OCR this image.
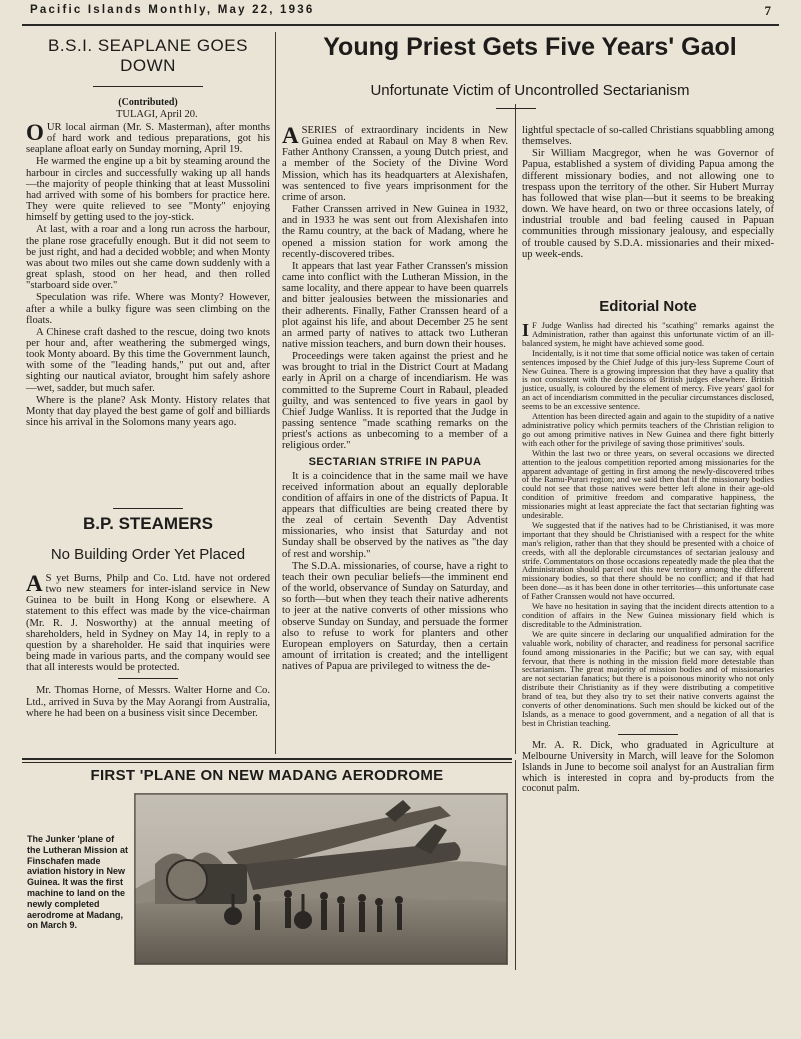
Pacific Islands Monthly, May 22, 1936	7
B.S.I. SEAPLANE GOES DOWN
(Contributed)
TULAGI, April 20.

OUR local airman (Mr. S. Masterman), after months of hard work and tedious preparations, got his seaplane afloat early on Sunday morning, April 19.

He warmed the engine up a bit by steaming around the harbour in circles and successfully waking up all hands—the majority of people thinking that at least Mussolini had arrived with some of his bombers for practice here. They were quite relieved to see "Monty" enjoying himself by getting used to the joy-stick.

At last, with a roar and a long run across the harbour, the plane rose gracefully enough. But it did not seem to be just right, and had a decided wobble; and when Monty was about two miles out she came down suddenly with a great splash, stood on her head, and then rolled "starboard side over."

Speculation was rife. Where was Monty? However, after a while a bulky figure was seen climbing on the floats.

A Chinese craft dashed to the rescue, doing two knots per hour and, after weathering the submerged wings, took Monty aboard. By this time the Government launch, with some of the "leading hands," put out and, after sighting our nautical aviator, brought him safely ashore—wet, sadder, but much safer.

Where is the plane? Ask Monty. History relates that Monty that day played the best game of golf and billiards since his arrival in the Solomons many years ago.

B.P. STEAMERS
No Building Order Yet Placed

A S yet Burns, Philp and Co. Ltd. have not ordered two new steamers for inter-island service in New Guinea to be built in Hong Kong or elsewhere. A statement to this effect was made by the vice-chairman (Mr. R. J. Nosworthy) at the annual meeting of shareholders, held in Sydney on May 14, in reply to a question by a shareholder. He said that inquiries were being made in various parts, and the company would see that all interests would be protected.

Mr. Thomas Horne, of Messrs. Walter Horne and Co. Ltd., arrived in Suva by the May Aorangi from Australia, where he had been on a business visit since December.

Young Priest Gets Five Years' Gaol
Unfortunate Victim of Uncontrolled Sectarianism

ASERIES of extraordinary incidents in New Guinea ended at Rabaul on May 8 when Rev. Father Anthony Cranssen, a young Dutch priest, and a member of the Society of the Divine Word Mission, which has its headquarters at Alexishafen, was sentenced to five years imprisonment for the crime of arson.

Father Cranssen arrived in New Guinea in 1932, and in 1933 he was sent out from Alexishafen into the Ramu country, at the back of Madang, where he opened a mission station for work among the recently-discovered tribes.

It appears that last year Father Cranssen's mission came into conflict with the Lutheran Mission, in the same locality, and there appear to have been quarrels and bitter jealousies between the missionaries and their adherents. Finally, Father Cranssen heard of a plot against his life, and about December 25 he sent an armed party of natives to attack two Lutheran native mission teachers, and burn down their houses.

Proceedings were taken against the priest and he was brought to trial in the District Court at Madang early in April on a charge of incendiarism. He was committed to the Supreme Court in Rabaul, pleaded guilty, and was sentenced to five years in gaol by Chief Judge Wanliss. It is reported that the Judge in passing sentence "made scathing remarks on the priest's actions as unbecoming to a member of a religious order."

SECTARIAN STRIFE IN PAPUA

It is a coincidence that in the same mail we have received information about an equally deplorable condition of affairs in one of the districts of Papua. It appears that difficulties are being created there by the zeal of certain Seventh Day Adventist missionaries, who insist that Saturday and not Sunday shall be observed by the natives as "the day of rest and worship."

The S.D.A. missionaries, of course, have a right to teach their own peculiar beliefs—the imminent end of the world, observance of Sunday on Saturday, and so forth—but when they teach their native adherents to jeer at the native converts of other missions who observe Sunday on Sunday, and persuade the former also to refuse to work for planters and other European employers on Saturday, then a certain amount of irritation is created; and the intelligent natives of Papua are privileged to witness the de-

lightful spectacle of so-called Christians squabbling among themselves.

Sir William Macgregor, when he was Governor of Papua, established a system of dividing Papua among the different missionary bodies, and not allowing one to trespass upon the territory of the other. Sir Hubert Murray has followed that wise plan—but it seems to be breaking down. We have heard, on two or three occasions lately, of industrial trouble and bad feeling caused in Papuan communities through missionary jealousy, and especially of trouble caused by S.D.A. missionaries and their mixed-up week-ends.

Editorial Note

I F Judge Wanliss had directed his "scathing" remarks against the Administration, rather than against this unfortunate victim of an ill-balanced system, he might have achieved some good.

Incidentally, is it not time that some official notice was taken of certain sentences imposed by the Chief Judge of this jury-less Supreme Court of New Guinea. There is a growing impression that they have a quality that is not consistent with the decisions of British judges elsewhere. British justice, usually, is coloured by the element of mercy. Five years' gaol for an act of incendiarism committed in the peculiar circumstances disclosed, seems to be an excessive sentence.

Attention has been directed again and again to the stupidity of a native administrative policy which permits teachers of the Christian religion to go out among primitive natives in New Guinea and there fight bitterly with each other for the privilege of saving those primitives' souls.

Within the last two or three years, on several occasions we directed attention to the jealous competition reported among missionaries for the apparent advantage of getting in first among the newly-discovered tribes of the Ramu-Purari region; and we said then that if the missionary bodies could not see that those natives were better left alone in their age-old condition of primitive freedom and comparative happiness, the missionaries might at least appreciate the fact that sectarian fighting was undesirable.

We suggested that if the natives had to be Christianised, it was more important that they should be Christianised with a respect for the white man's religion, rather than that they should be presented with a choice of creeds, with all the deplorable circumstances of sectarian jealousy and strife. Commentators on those occasions repeatedly made the plea that the Administration should parcel out this new territory among the different missionary bodies, so that there should be no conflict; and if that had been done—as it has been done in other territories—this unfortunate case of Father Cranssen would not have occurred.

We have no hesitation in saying that the incident directs attention to a condition of affairs in the New Guinea missionary field which is discreditable to the Administration.

We are quite sincere in declaring our unqualified admiration for the valuable work, nobility of character, and readiness for personal sacrifice found among missionaries in the Pacific; but we can say, with equal fervour, that there is nothing in the mission field more detestable than sectarianism. The great majority of mission bodies and of missionaries are not sectarian fanatics; but there is a poisonous minority who not only distribute their Christianity as if they were distributing a competitive brand of tea, but they also try to set their native converts against the converts of other denominations. Such men should be kicked out of the Islands, as a menace to good government, and a negation of all that is best in Christian teaching.

Mr. A. R. Dick, who graduated in Agriculture at Melbourne University in March, will leave for the Solomon Islands in June to become soil analyst for an Australian firm which is interested in copra and by-products from the coconut palm.

FIRST 'PLANE ON NEW MADANG AERODROME
The Junker 'plane of the Lutheran Mission at Finschafen made aviation history in New Guinea. It was the first machine to land on the newly completed aerodrome at Madang, on March 9.
